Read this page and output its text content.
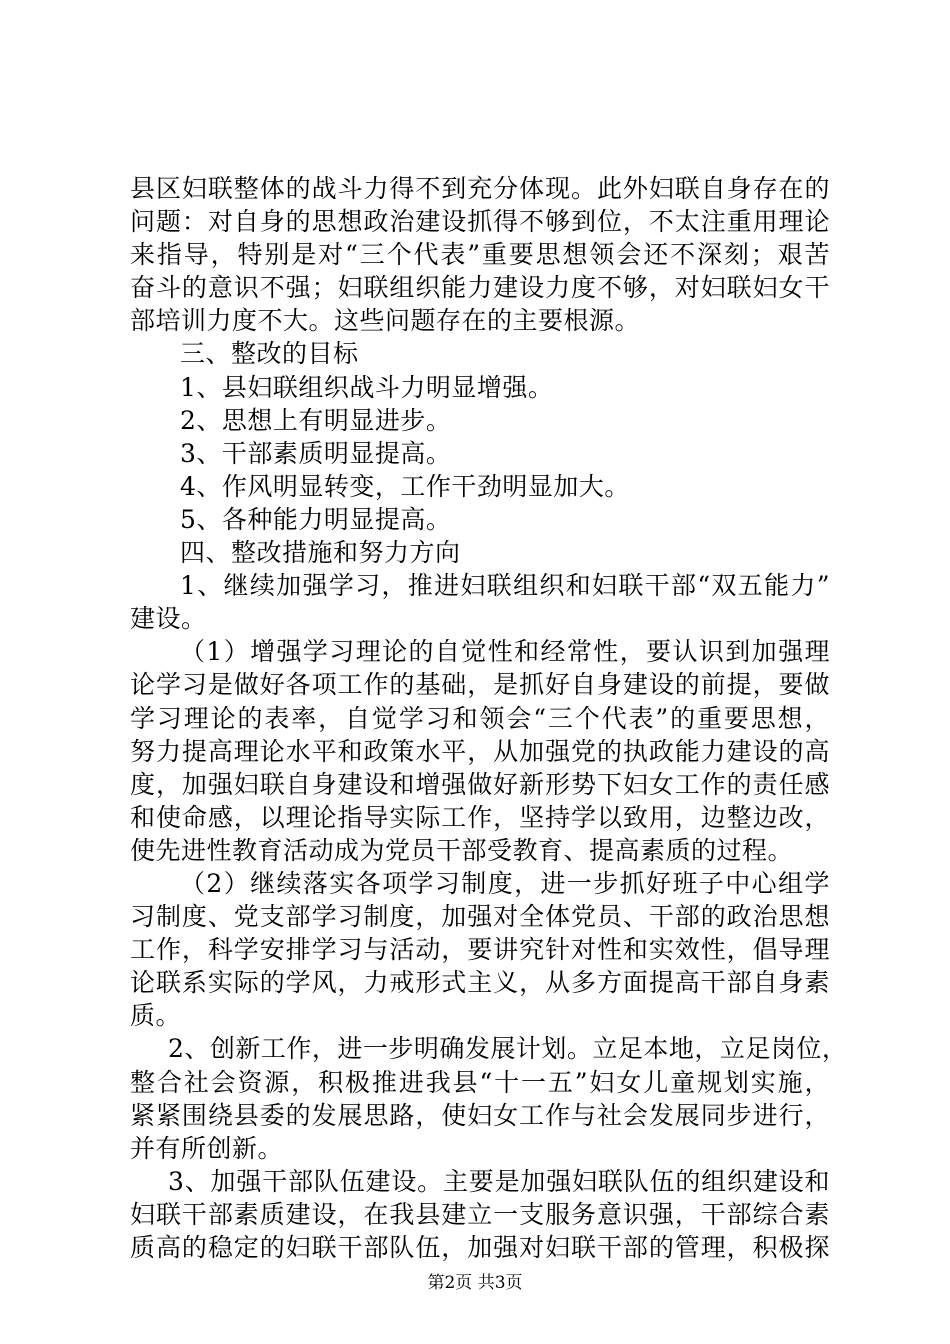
县区妇联整体的战斗力得不到充分体现。此外妇联自身存在的
问题：对自身的思想政治建设抓得不够到位，不太注重用理论
来指导，特别是对“三个代表”重要思想领会还不深刻；艰苦
奋斗的意识不强；妇联组织能力建设力度不够，对妇联妇女干
部培训力度不大。这些问题存在的主要根源。
三、整改的目标
1、县妇联组织战斗力明显增强。
2、思想上有明显进步。
3、干部素质明显提高。
4、作风明显转变，工作干劲明显加大。
5、各种能力明显提高。
四、整改措施和努力方向
1、继续加强学习，推进妇联组织和妇联干部“双五能力”
建设。
（1）增强学习理论的自觉性和经常性，要认识到加强理
论学习是做好各项工作的基础，是抓好自身建设的前提，要做
学习理论的表率，自觉学习和领会“三个代表”的重要思想，
努力提高理论水平和政策水平，从加强党的执政能力建设的高
度，加强妇联自身建设和增强做好新形势下妇女工作的责任感
和使命感，以理论指导实际工作，坚持学以致用，边整边改，
使先进性教育活动成为党员干部受教育、提高素质的过程。
（2）继续落实各项学习制度，进一步抓好班子中心组学
习制度、党支部学习制度，加强对全体党员、干部的政治思想
工作，科学安排学习与活动，要讲究针对性和实效性，倡导理
论联系实际的学风，力戒形式主义，从多方面提高干部自身素
质。
2、创新工作，进一步明确发展计划。立足本地，立足岗位，
整合社会资源，积极推进我县“十一五”妇女儿童规划实施，
紧紧围绕县委的发展思路，使妇女工作与社会发展同步进行，
并有所创新。
3、加强干部队伍建设。主要是加强妇联队伍的组织建设和
妇联干部素质建设，在我县建立一支服务意识强，干部综合素
质高的稳定的妇联干部队伍，加强对妇联干部的管理，积极探
第2页 共3页
